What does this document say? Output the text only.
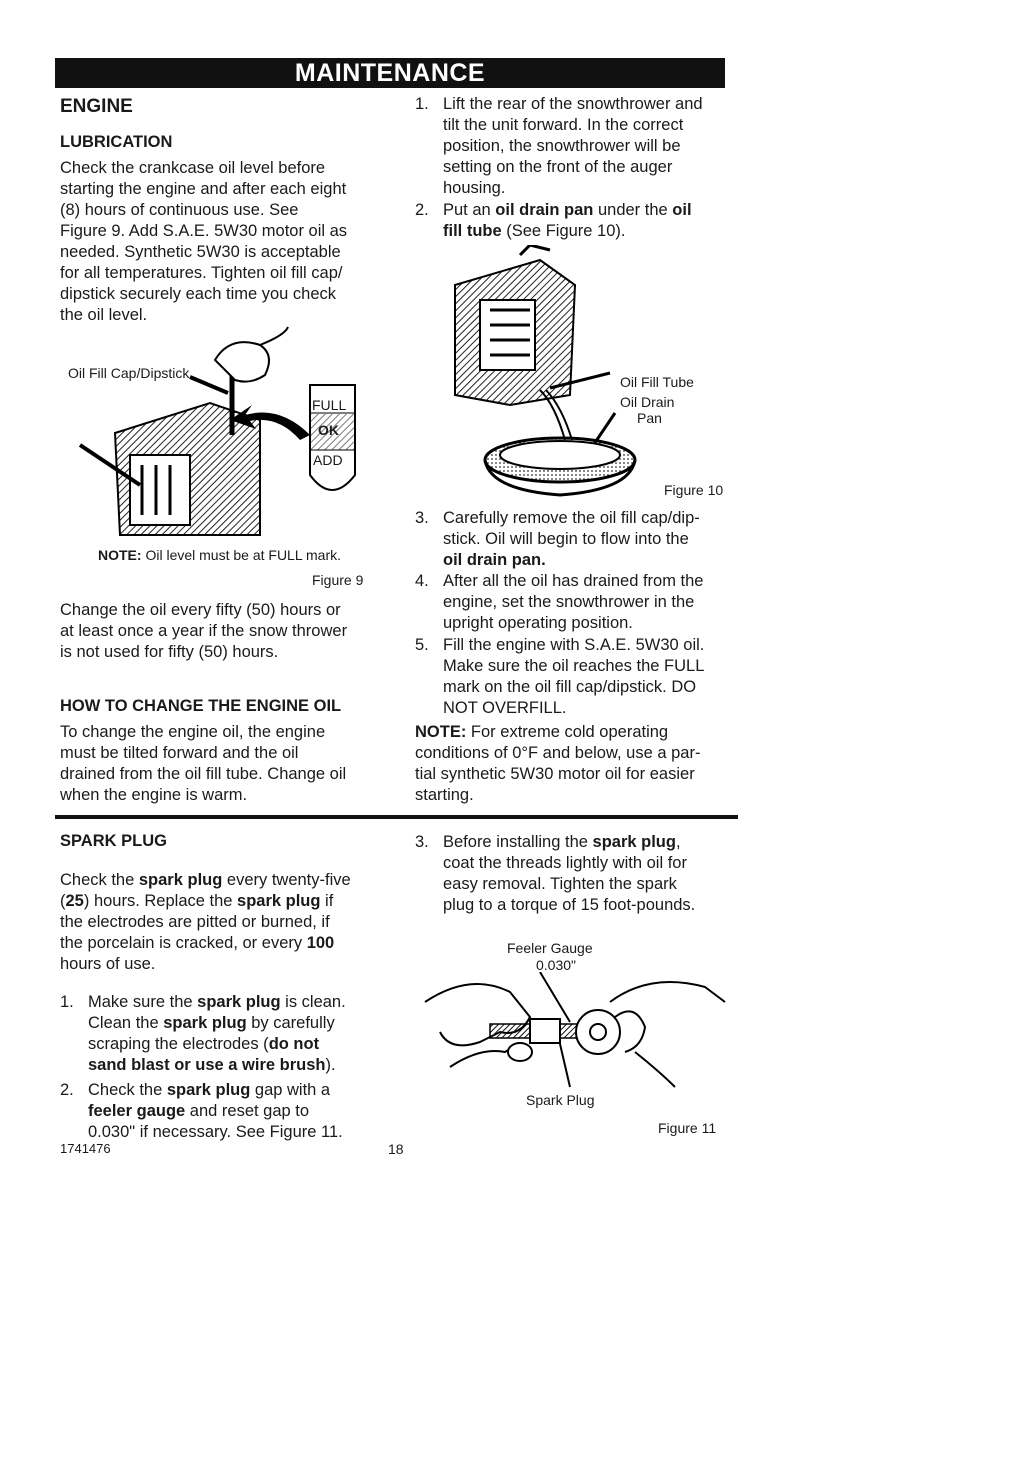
MAINTENANCE
ENGINE
LUBRICATION
Check the crankcase oil level before
starting the engine and after each eight
(8) hours of continuous use. See
Figure 9. Add S.A.E. 5W30 motor oil as
needed. Synthetic 5W30 is acceptable
for all temperatures. Tighten oil fill cap/
dipstick securely each time you check
the oil level.
Oil Fill Cap/Dipstick
FULL
OK
ADD
NOTE: Oil level must be at FULL mark.
Figure 9
Change the oil every fifty (50) hours or
at least once a year if the snow thrower
is not used for fifty (50) hours.
HOW TO CHANGE THE ENGINE OIL
To change the engine oil, the engine
must be tilted forward and the oil
drained from the oil fill tube. Change oil
when the engine is warm.
1. Lift the rear of the snowthrower and
tilt the unit forward. In the correct
position, the snowthrower will be
setting on the front of the auger
housing.
2. Put an oil drain pan under the oil
fill tube (See Figure 10).
Oil Fill Tube
Oil Drain
Pan
Figure 10
3. Carefully remove the oil fill cap/dip-
stick. Oil will begin to flow into the
oil drain pan.
4. After all the oil has drained from the
engine, set the snowthrower in the
upright operating position.
5. Fill the engine with S.A.E. 5W30 oil.
Make sure the oil reaches the FULL
mark on the oil fill cap/dipstick. DO
NOT OVERFILL.
NOTE: For extreme cold operating
conditions of 0°F and below, use a par-
tial synthetic 5W30 motor oil for easier
starting.
SPARK PLUG
Check the spark plug every twenty-five
(25) hours. Replace the spark plug if
the electrodes are pitted or burned, if
the porcelain is cracked, or every 100
hours of use.
1. Make sure the spark plug is clean.
Clean the spark plug by carefully
scraping the electrodes (do not
sand blast or use a wire brush).
2. Check the spark plug gap with a
feeler gauge and reset gap to
0.030" if necessary. See Figure 11.
3. Before installing the spark plug,
coat the threads lightly with oil for
easy removal. Tighten the spark
plug to a torque of 15 foot-pounds.
Feeler Gauge
0.030"
Spark Plug
Figure 11
1741476	18
